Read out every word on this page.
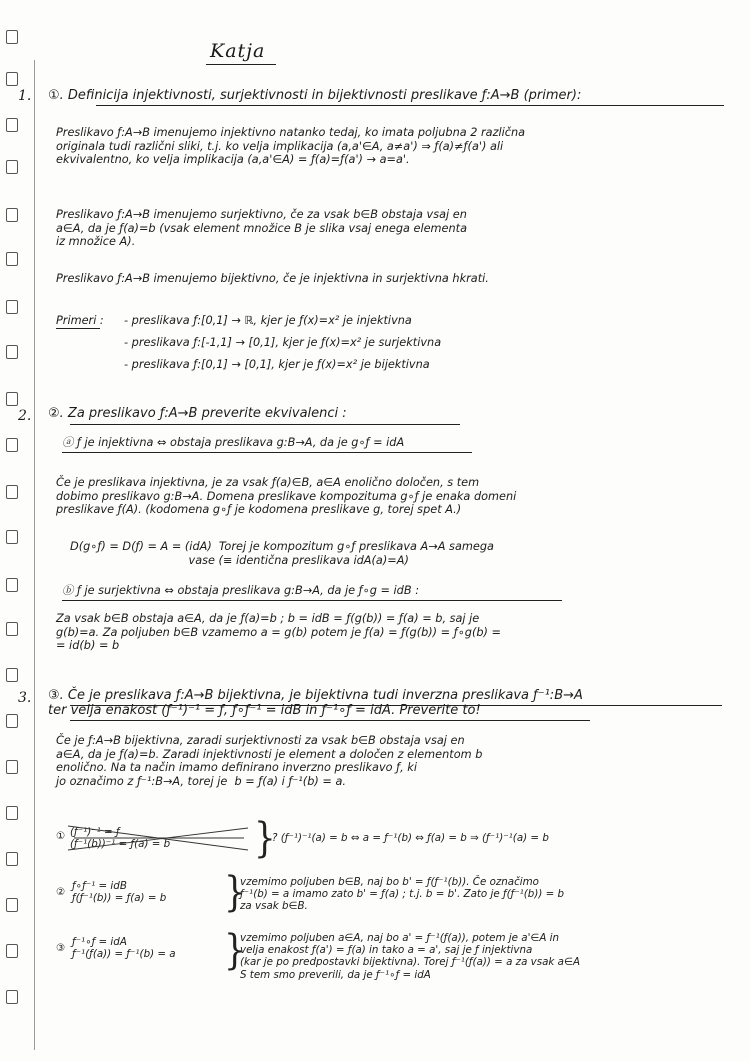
Katja
1. ①. Definicija injektivnosti, surjektivnosti in bijektivnosti preslikave ƒ:A→B (primer):
Preslikavo ƒ:A→B imenujemo injektivno natanko tedaj, ko imata poljubna 2 različna
originala tudi različni sliki, t.j. ko velja implikacija (a,a'∈A, a≠a') ⇒ ƒ(a)≠ƒ(a') ali
ekvivalentno, ko velja implikacija (a,a'∈A) = ƒ(a)=ƒ(a') → a=a'.
Preslikavo ƒ:A→B imenujemo surjektivno, če za vsak b∈B obstaja vsaj en
a∈A, da je ƒ(a)=b (vsak element množice B je slika vsaj enega elementa
iz množice A).
Preslikavo ƒ:A→B imenujemo bijektivno, če je injektivna in surjektivna hkrati.
Primeri :	- preslikava ƒ:[0,1] → ℝ, kjer je ƒ(x)=x² je injektivna
- preslikava ƒ:[-1,1] → [0,1], kjer je ƒ(x)=x² je surjektivna
- preslikava ƒ:[0,1] → [0,1], kjer je ƒ(x)=x² je bijektivna
2. ②. Za preslikavo ƒ:A→B preverite ekvivalenci :
ⓐ ƒ je injektivna ⇔ obstaja preslikava g:B→A, da je g∘ƒ = idA
Če je preslikava injektivna, je za vsak ƒ(a)∈B, a∈A enolično določen, s tem
dobimo preslikavo g:B→A. Domena preslikave kompozituma g∘ƒ je enaka domeni
preslikave ƒ(A). (kodomena g∘ƒ je kodomena preslikave g, torej spet A.)
D(g∘ƒ) = D(ƒ) = A = (idA)  Torej je kompozitum g∘ƒ preslikava A→A samega
vase (≡ identična preslikava idA(a)=A)
ⓑ ƒ je surjektivna ⇔ obstaja preslikava g:B→A, da je ƒ∘g = idB :
Za vsak b∈B obstaja a∈A, da je ƒ(a)=b ; b = idB = ƒ(g(b)) = ƒ(a) = b, saj je
g(b)=a. Za poljuben b∈B vzamemo a = g(b) potem je ƒ(a) = ƒ(g(b)) = ƒ∘g(b) =
= id(b) = b
3. ③. Če je preslikava ƒ:A→B bijektivna, je bijektivna tudi inverzna preslikava ƒ⁻¹:B→A
ter velja enakost (ƒ⁻¹)⁻¹ = ƒ, ƒ∘ƒ⁻¹ = idB in ƒ⁻¹∘ƒ = idA. Preverite to!
Če je ƒ:A→B bijektivna, zaradi surjektivnosti za vsak b∈B obstaja vsaj en
a∈A, da je ƒ(a)=b. Zaradi injektivnosti je element a določen z elementom b
enolično. Na ta način imamo definirano inverzno preslikavo ƒ, ki
jo označimo z ƒ⁻¹:B→A, torej je  b = ƒ(a) i ƒ⁻¹(b) = a.
① (ƒ⁻¹)⁻¹ = ƒ
(ƒ⁻¹(b))⁻¹ = ƒ(a) = b	}
? (ƒ⁻¹)⁻¹(a) = b ⇔ a = ƒ⁻¹(b) ⇔ ƒ(a) = b ⇒ (ƒ⁻¹)⁻¹(a) = b
② ƒ∘ƒ⁻¹ = idB
ƒ(ƒ⁻¹(b)) = ƒ(a) = b	}
vzemimo poljuben b∈B, naj bo b' = ƒ(ƒ⁻¹(b)). Če označimo
ƒ⁻¹(b) = a imamo zato b' = ƒ(a) ; t.j. b = b'. Zato je ƒ(ƒ⁻¹(b)) = b
za vsak b∈B.
③ ƒ⁻¹∘ƒ = idA
ƒ⁻¹(ƒ(a)) = ƒ⁻¹(b) = a	}
vzemimo poljuben a∈A, naj bo a' = ƒ⁻¹(ƒ(a)), potem je a'∈A in
velja enakost ƒ(a') = ƒ(a) in tako a = a', saj je ƒ injektivna
(kar je po predpostavki bijektivna). Torej ƒ⁻¹(ƒ(a)) = a za vsak a∈A
S tem smo preverili, da je ƒ⁻¹∘ƒ = idA
